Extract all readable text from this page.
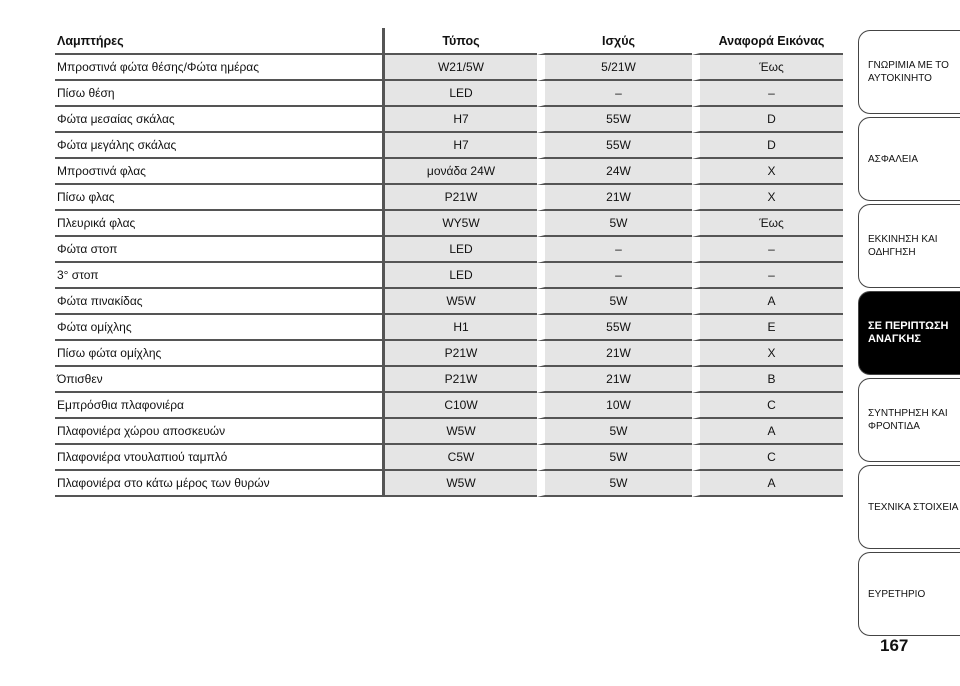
Λαμπτήρες	Τύπος	Ισχύς	Αναφορά Εικόνας
Μπροστινά φώτα θέσης/Φώτα ημέρας	W21/5W	5/21W	Έως
Πίσω θέση	LED	–	–
Φώτα μεσαίας σκάλας	H7	55W	D
Φώτα μεγάλης σκάλας	H7	55W	D
Μπροστινά φλας	μονάδα 24W	24W	X
Πίσω φλας	P21W	21W	X
Πλευρικά φλας	WY5W	5W	Έως
Φώτα στοπ	LED	–	–
3° στοπ	LED	–	–
Φώτα πινακίδας	W5W	5W	A
Φώτα ομίχλης	H1	55W	E
Πίσω φώτα ομίχλης	P21W	21W	X
Όπισθεν	P21W	21W	B
Εμπρόσθια πλαφονιέρα	C10W	10W	C
Πλαφονιέρα χώρου αποσκευών	W5W	5W	A
Πλαφονιέρα ντουλαπιού ταμπλό	C5W	5W	C
Πλαφονιέρα στο κάτω μέρος των θυρών	W5W	5W	A
ΓΝΩΡΙΜΙΑ ΜΕ ΤΟ
ΑΥΤΟΚΙΝΗΤΟ
ΑΣΦΑΛΕΙΑ
ΕΚΚΙΝΗΣΗ ΚΑΙ
ΟΔΗΓΗΣΗ
ΣΕ ΠΕΡΙΠΤΩΣΗ
ΑΝΑΓΚΗΣ
ΣΥΝΤΗΡΗΣΗ ΚΑΙ
ΦΡΟΝΤΙΔΑ
ΤΕΧΝΙΚΑ ΣΤΟΙΧΕΙΑ
ΕΥΡΕΤΗΡΙΟ
167
